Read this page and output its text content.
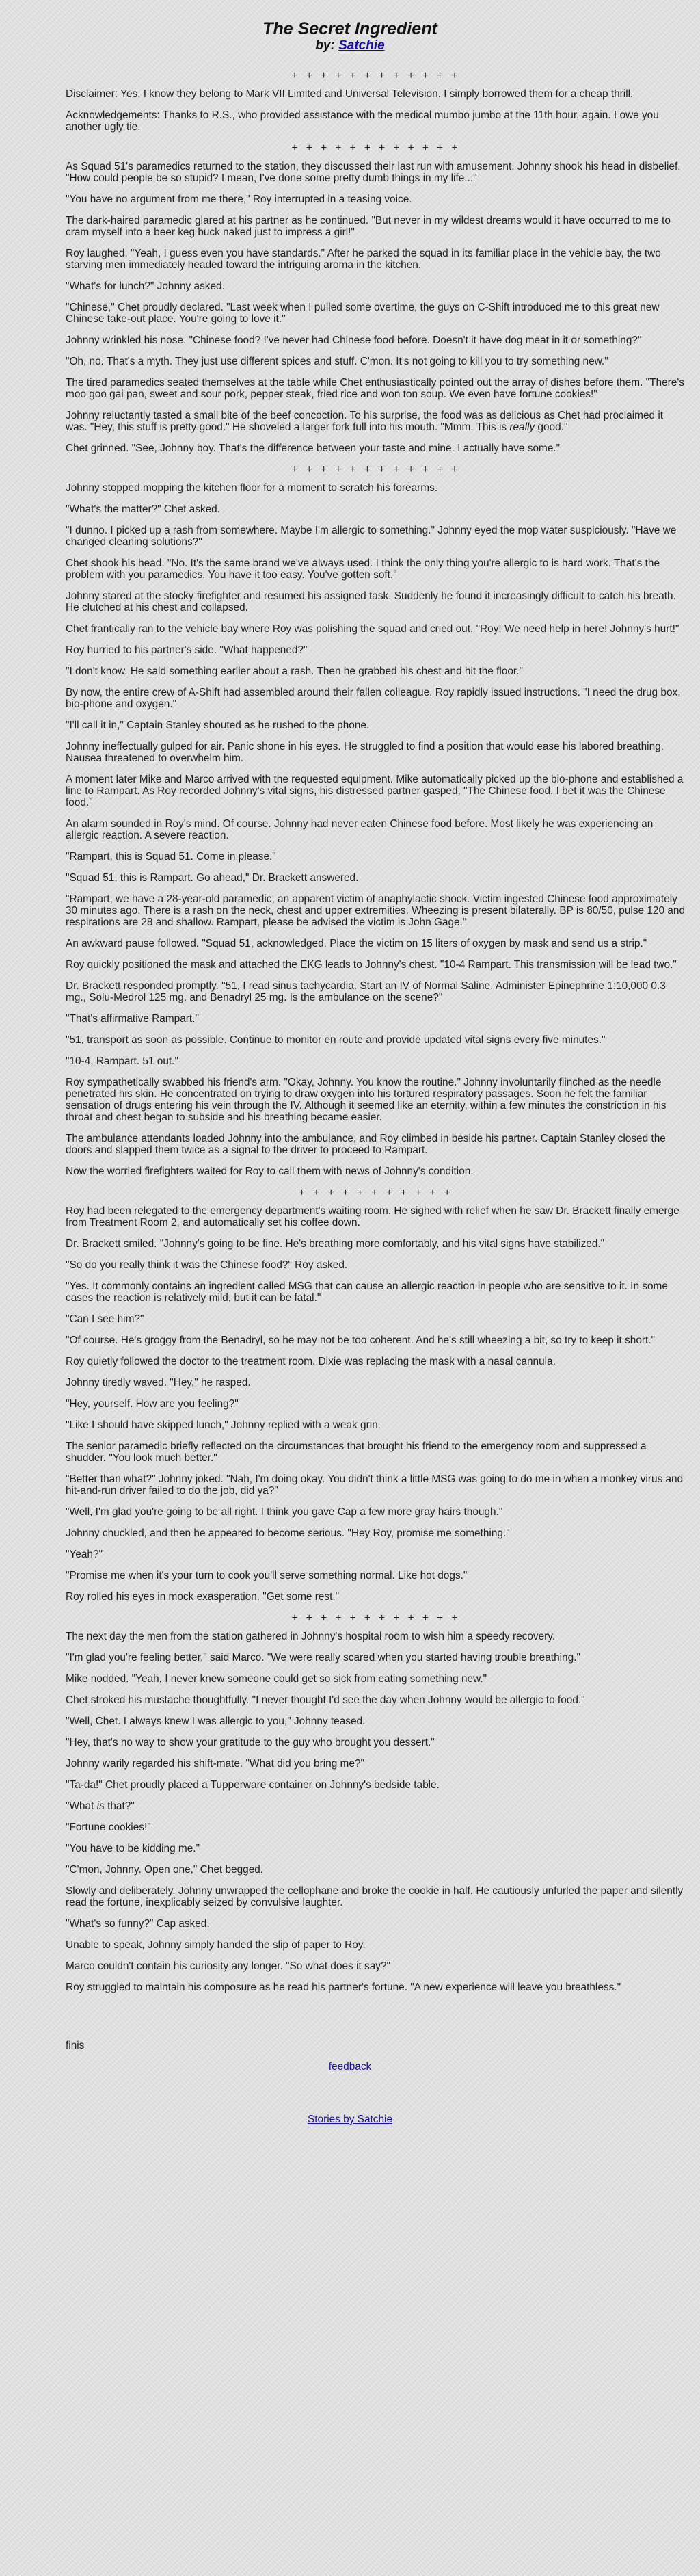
The Secret Ingredient

by: Satchie

+ + + + + + + + + + + +

Disclaimer: Yes, I know they belong to Mark VII Limited and Universal Television. I simply borrowed them for a cheap thrill.

Acknowledgements: Thanks to R.S., who provided assistance with the medical mumbo jumbo at the 11th hour, again. I owe you another ugly tie.

+ + + + + + + + + + + +

As Squad 51's paramedics returned to the station, they discussed their last run with amusement. Johnny shook his head in disbelief. "How could people be so stupid? I mean, I've done some pretty dumb things in my life..."

"You have no argument from me there," Roy interrupted in a teasing voice.

The dark-haired paramedic glared at his partner as he continued. "But never in my wildest dreams would it have occurred to me to cram myself into a beer keg buck naked just to impress a girl!"

Roy laughed. "Yeah, I guess even you have standards." After he parked the squad in its familiar place in the vehicle bay, the two starving men immediately headed toward the intriguing aroma in the kitchen.

"What's for lunch?" Johnny asked.

"Chinese," Chet proudly declared. "Last week when I pulled some overtime, the guys on C-Shift introduced me to this great new Chinese take-out place. You're going to love it."

Johnny wrinkled his nose. "Chinese food? I've never had Chinese food before. Doesn't it have dog meat in it or something?"

"Oh, no. That's a myth. They just use different spices and stuff. C'mon. It's not going to kill you to try something new."

The tired paramedics seated themselves at the table while Chet enthusiastically pointed out the array of dishes before them. "There's moo goo gai pan, sweet and sour pork, pepper steak, fried rice and won ton soup. We even have fortune cookies!"

Johnny reluctantly tasted a small bite of the beef concoction. To his surprise, the food was as delicious as Chet had proclaimed it was. "Hey, this stuff is pretty good." He shoveled a larger fork full into his mouth. "Mmm. This is really good."

Chet grinned. "See, Johnny boy. That's the difference between your taste and mine. I actually have some."

+ + + + + + + + + + + +

Johnny stopped mopping the kitchen floor for a moment to scratch his forearms.

"What's the matter?" Chet asked.

"I dunno. I picked up a rash from somewhere. Maybe I'm allergic to something." Johnny eyed the mop water suspiciously. "Have we changed cleaning solutions?"

Chet shook his head. "No. It's the same brand we've always used. I think the only thing you're allergic to is hard work. That's the problem with you paramedics. You have it too easy. You've gotten soft."

Johnny stared at the stocky firefighter and resumed his assigned task. Suddenly he found it increasingly difficult to catch his breath. He clutched at his chest and collapsed.

Chet frantically ran to the vehicle bay where Roy was polishing the squad and cried out. "Roy! We need help in here! Johnny's hurt!"

Roy hurried to his partner's side. "What happened?"

"I don't know. He said something earlier about a rash. Then he grabbed his chest and hit the floor."

By now, the entire crew of A-Shift had assembled around their fallen colleague. Roy rapidly issued instructions. "I need the drug box, bio-phone and oxygen."

"I'll call it in," Captain Stanley shouted as he rushed to the phone.

Johnny ineffectually gulped for air. Panic shone in his eyes. He struggled to find a position that would ease his labored breathing. Nausea threatened to overwhelm him.

A moment later Mike and Marco arrived with the requested equipment. Mike automatically picked up the bio-phone and established a line to Rampart. As Roy recorded Johnny's vital signs, his distressed partner gasped, "The Chinese food. I bet it was the Chinese food."

An alarm sounded in Roy's mind. Of course. Johnny had never eaten Chinese food before. Most likely he was experiencing an allergic reaction. A severe reaction.

"Rampart, this is Squad 51. Come in please."

"Squad 51, this is Rampart. Go ahead," Dr. Brackett answered.

"Rampart, we have a 28-year-old paramedic, an apparent victim of anaphylactic shock. Victim ingested Chinese food approximately 30 minutes ago. There is a rash on the neck, chest and upper extremities. Wheezing is present bilaterally. BP is 80/50, pulse 120 and respirations are 28 and shallow. Rampart, please be advised the victim is John Gage."

An awkward pause followed. "Squad 51, acknowledged. Place the victim on 15 liters of oxygen by mask and send us a strip."

Roy quickly positioned the mask and attached the EKG leads to Johnny's chest. "10-4 Rampart. This transmission will be lead two."

Dr. Brackett responded promptly. "51, I read sinus tachycardia. Start an IV of Normal Saline. Administer Epinephrine 1:10,000 0.3 mg., Solu-Medrol 125 mg. and Benadryl 25 mg. Is the ambulance on the scene?"

"That's affirmative Rampart."

"51, transport as soon as possible. Continue to monitor en route and provide updated vital signs every five minutes."

"10-4, Rampart. 51 out."

Roy sympathetically swabbed his friend's arm. "Okay, Johnny. You know the routine." Johnny involuntarily flinched as the needle penetrated his skin. He concentrated on trying to draw oxygen into his tortured respiratory passages. Soon he felt the familiar sensation of drugs entering his vein through the IV. Although it seemed like an eternity, within a few minutes the constriction in his throat and chest began to subside and his breathing became easier.

The ambulance attendants loaded Johnny into the ambulance, and Roy climbed in beside his partner. Captain Stanley closed the doors and slapped them twice as a signal to the driver to proceed to Rampart.

Now the worried firefighters waited for Roy to call them with news of Johnny's condition.

+ + + + + + + + + + +

Roy had been relegated to the emergency department's waiting room. He sighed with relief when he saw Dr. Brackett finally emerge from Treatment Room 2, and automatically set his coffee down.

Dr. Brackett smiled. "Johnny's going to be fine. He's breathing more comfortably, and his vital signs have stabilized."

"So do you really think it was the Chinese food?" Roy asked.

"Yes. It commonly contains an ingredient called MSG that can cause an allergic reaction in people who are sensitive to it. In some cases the reaction is relatively mild, but it can be fatal."

"Can I see him?"

"Of course. He's groggy from the Benadryl, so he may not be too coherent. And he's still wheezing a bit, so try to keep it short."

Roy quietly followed the doctor to the treatment room. Dixie was replacing the mask with a nasal cannula.

Johnny tiredly waved. "Hey," he rasped.

"Hey, yourself. How are you feeling?"

"Like I should have skipped lunch," Johnny replied with a weak grin.

The senior paramedic briefly reflected on the circumstances that brought his friend to the emergency room and suppressed a shudder. "You look much better."

"Better than what?" Johnny joked. "Nah, I'm doing okay. You didn't think a little MSG was going to do me in when a monkey virus and hit-and-run driver failed to do the job, did ya?"

"Well, I'm glad you're going to be all right. I think you gave Cap a few more gray hairs though."

Johnny chuckled, and then he appeared to become serious. "Hey Roy, promise me something."

"Yeah?"

"Promise me when it's your turn to cook you'll serve something normal. Like hot dogs."

Roy rolled his eyes in mock exasperation. "Get some rest."

+ + + + + + + + + + + +

The next day the men from the station gathered in Johnny's hospital room to wish him a speedy recovery.

"I'm glad you're feeling better," said Marco. "We were really scared when you started having trouble breathing."

Mike nodded. "Yeah, I never knew someone could get so sick from eating something new."

Chet stroked his mustache thoughtfully. "I never thought I'd see the day when Johnny would be allergic to food."

"Well, Chet. I always knew I was allergic to you," Johnny teased.

"Hey, that's no way to show your gratitude to the guy who brought you dessert."

Johnny warily regarded his shift-mate. "What did you bring me?"

"Ta-da!" Chet proudly placed a Tupperware container on Johnny's bedside table.

"What is that?"

"Fortune cookies!"

"You have to be kidding me."

"C'mon, Johnny. Open one," Chet begged.

Slowly and deliberately, Johnny unwrapped the cellophane and broke the cookie in half. He cautiously unfurled the paper and silently read the fortune, inexplicably seized by convulsive laughter.

"What's so funny?" Cap asked.

Unable to speak, Johnny simply handed the slip of paper to Roy.

Marco couldn't contain his curiosity any longer. "So what does it say?"

Roy struggled to maintain his composure as he read his partner's fortune. "A new experience will leave you breathless."

finis
feedback
Stories by Satchie
